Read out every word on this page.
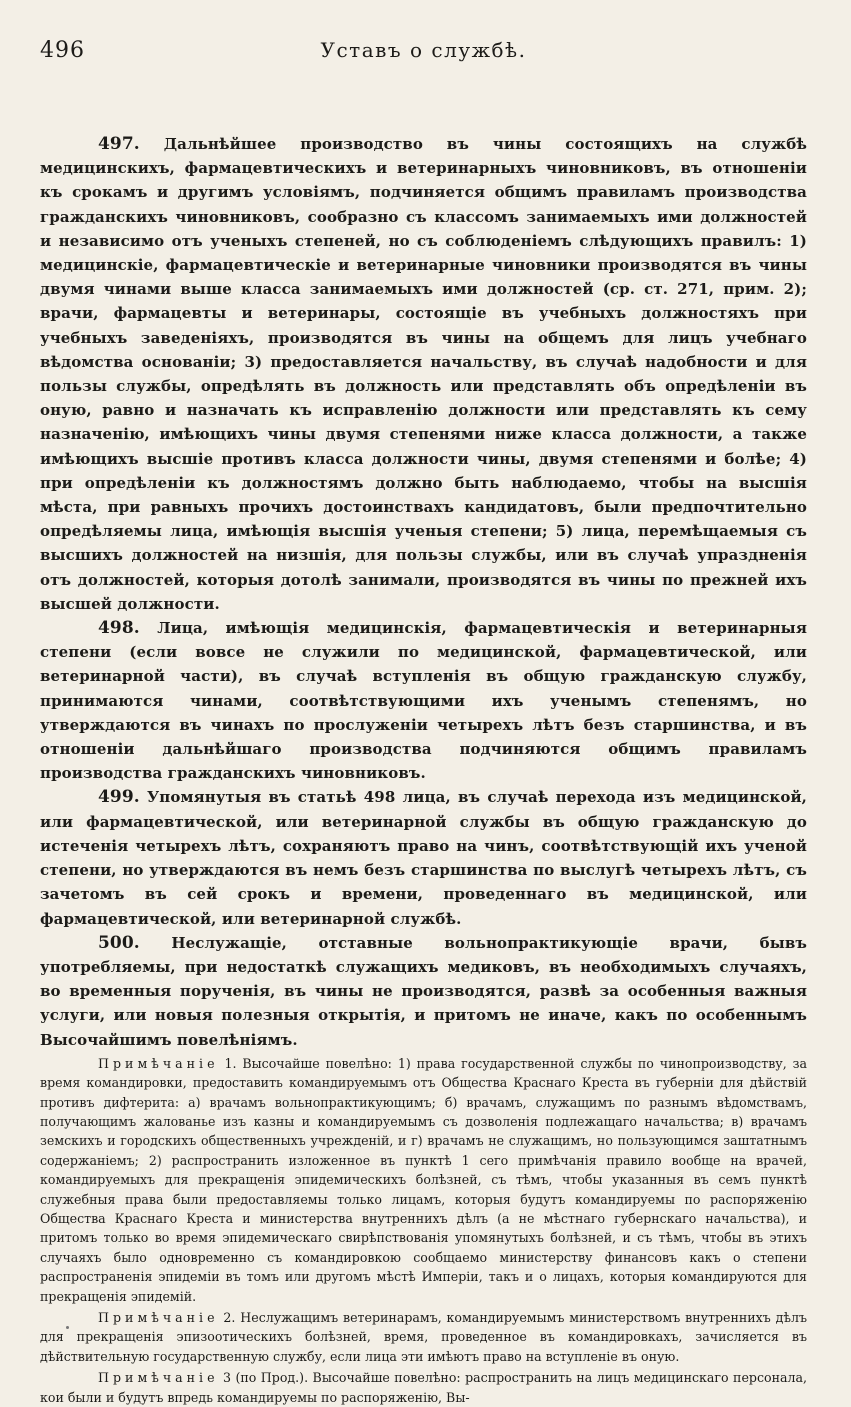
496	Уставъ о службѣ.

497. Дальнѣйшее производство въ чины состоящихъ на службѣ медицинскихъ, фармацевтическихъ и ветеринарныхъ чиновниковъ, въ отношеніи къ срокамъ и другимъ условіямъ, подчиняется общимъ правиламъ производства гражданскихъ чиновниковъ, сообразно съ классомъ занимаемыхъ ими должностей и независимо отъ ученыхъ степеней, но съ соблюденіемъ слѣдующихъ правилъ: 1) медицинскіе, фармацевтическіе и ветеринарные чиновники производятся въ чины двумя чинами выше класса занимаемыхъ ими должностей (ср. ст. 271, прим. 2); врачи, фармацевты и ветеринары, состоящіе въ учебныхъ должностяхъ при учебныхъ заведеніяхъ, производятся въ чины на общемъ для лицъ учебнаго вѣдомства основаніи; 3) предоставляется начальству, въ случаѣ надобности и для пользы службы, опредѣлять въ должность или представлять объ опредѣленіи въ оную, равно и назначать къ исправленію должности или представлять къ сему назначенію, имѣющихъ чины двумя степенями ниже класса должности, а также имѣющихъ высшіе противъ класса должности чины, двумя степенями и болѣе; 4) при опредѣленіи къ должностямъ должно быть наблюдаемо, чтобы на высшія мѣста, при равныхъ прочихъ достоинствахъ кандидатовъ, были предпочтительно опредѣляемы лица, имѣющія высшія ученыя степени; 5) лица, перемѣщаемыя съ высшихъ должностей на низшія, для пользы службы, или въ случаѣ упраздненія отъ должностей, которыя дотолѣ занимали, производятся въ чины по прежней ихъ высшей должности.

498. Лица, имѣющія медицинскія, фармацевтическія и ветеринарныя степени (если вовсе не служили по медицинской, фармацевтической, или ветеринарной части), въ случаѣ вступленія въ общую гражданскую службу, принимаются чинами, соотвѣтствующими ихъ ученымъ степенямъ, но утверждаются въ чинахъ по прослуженіи четырехъ лѣтъ безъ старшинства, и въ отношеніи дальнѣйшаго производства подчиняются общимъ правиламъ производства гражданскихъ чиновниковъ.

499. Упомянутыя въ статьѣ 498 лица, въ случаѣ перехода изъ медицинской, или фармацевтической, или ветеринарной службы въ общую гражданскую до истеченія четырехъ лѣтъ, сохраняютъ право на чинъ, соотвѣтствующій ихъ ученой степени, но утверждаются въ немъ безъ старшинства по выслугѣ четырехъ лѣтъ, съ зачетомъ въ сей срокъ и времени, проведеннаго въ медицинской, или фармацевтической, или ветеринарной службѣ.

500. Неслужащіе, отставные вольнопрактикующіе врачи, бывъ употребляемы, при недостаткѣ служащихъ медиковъ, въ необходимыхъ случаяхъ, во временныя порученія, въ чины не производятся, развѣ за особенныя важныя услуги, или новыя полезныя открытія, и притомъ не иначе, какъ по особеннымъ Высочайшимъ повелѣніямъ.

Примѣчаніе 1. Высочайше повелѣно: 1) права государственной службы по чинопроизводству, за время командировки, предоставить командируемымъ отъ Общества Краснаго Креста въ губерніи для дѣйствій противъ дифтерита: а) врачамъ вольнопрактикующимъ; б) врачамъ, служащимъ по разнымъ вѣдомствамъ, получающимъ жалованье изъ казны и командируемымъ съ дозволенія подлежащаго начальства; в) врачамъ земскихъ и городскихъ общественныхъ учрежденій, и г) врачамъ не служащимъ, но пользующимся заштатнымъ содержаніемъ; 2) распространить изложенное въ пунктѣ 1 сего примѣчанія правило вообще на врачей, командируемыхъ для прекращенія эпидемическихъ болѣзней, съ тѣмъ, чтобы указанныя въ семъ пунктѣ служебныя права были предоставляемы только лицамъ, которыя будутъ командируемы по распоряженію Общества Краснаго Креста и министерства внутреннихъ дѣлъ (а не мѣстнаго губернскаго начальства), и притомъ только во время эпидемическаго свирѣпствованія упомянутыхъ болѣзней, и съ тѣмъ, чтобы въ этихъ случаяхъ было одновременно съ командировкою сообщаемо министерству финансовъ какъ о степени распространенія эпидеміи въ томъ или другомъ мѣстѣ Имперіи, такъ и о лицахъ, которыя командируются для прекращенія эпидемій.

Примѣчаніе 2. Неслужащимъ ветеринарамъ, командируемымъ министерствомъ внутреннихъ дѣлъ для прекращенія эпизоотическихъ болѣзней, время, проведенное въ командировкахъ, зачисляется въ дѣйствительную государственную службу, если лица эти имѣютъ право на вступленіе въ оную.

Примѣчаніе 3 (по Прод.). Высочайше повелѣно: распространить на лицъ медицинскаго персонала, кои были и будутъ впредь командируемы по распоряженію, Вы-
